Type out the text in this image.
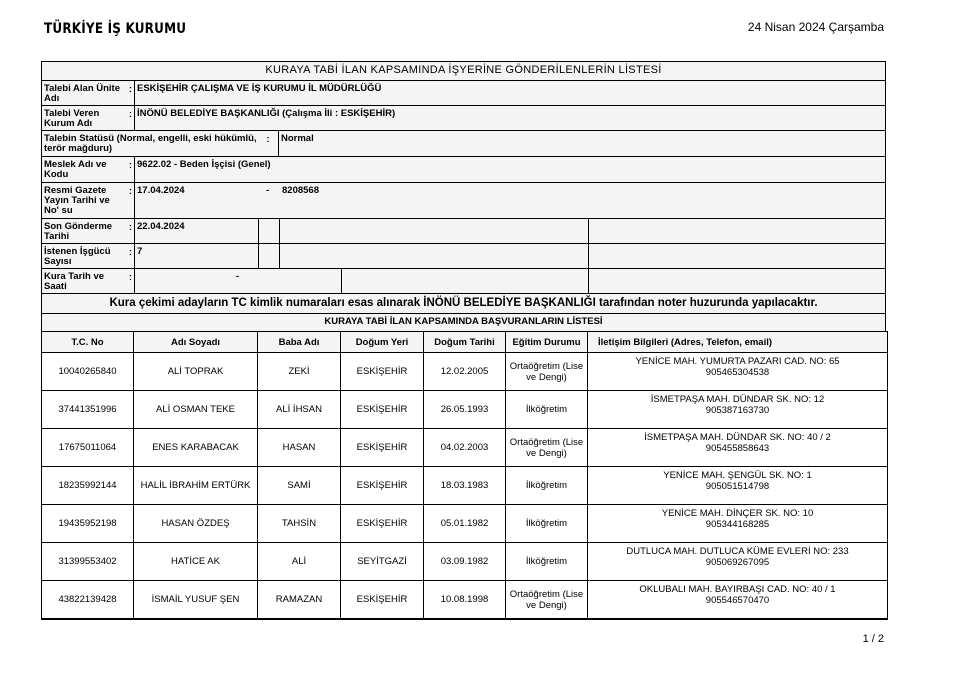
TÜRKİYE İŞ KURUMU	24 Nisan 2024 Çarşamba
KURAYA TABİ İLAN KAPSAMINDA İŞYERİNE GÖNDERİLENLERİN LİSTESİ
Talebi Alan Ünite Adı
: ESKİŞEHİR ÇALIŞMA VE İŞ KURUMU İL MÜDÜRLÜĞÜ
Talebi Veren Kurum Adı
: İNÖNÜ BELEDİYE BAŞKANLIĞI (Çalışma İli : ESKİŞEHİR)
Talebin Statüsü (Normal, engelli, eski hükümlü, terör mağduru)
:	Normal
Meslek Adı ve Kodu
: 9622.02 - Beden İşçisi (Genel)
Resmi Gazete Yayın Tarihi ve No' su
: 17.04.2024	-	8208568
Son Gönderme Tarihi
: 22.04.2024
İstenen İşgücü Sayısı
: 7
Kura Tarih ve Saati
:	-
Kura çekimi adayların TC kimlik numaraları esas alınarak İNÖNÜ BELEDİYE BAŞKANLIĞI tarafından noter huzurunda yapılacaktır.
KURAYA TABİ İLAN KAPSAMINDA BAŞVURANLARIN LİSTESİ
T.C. No	Adı Soyadı	Baba Adı	Doğum Yeri	Doğum Tarihi	Eğitim Durumu	İletişim Bilgileri (Adres, Telefon, email)
10040265840	ALİ TOPRAK	ZEKİ	ESKİŞEHİR	12.02.2005	Ortaöğretim (Lise ve Dengi)	YENİCE MAH. YUMURTA PAZARI CAD. NO: 65
905465304538

37441351996	ALİ OSMAN TEKE	ALİ İHSAN	ESKİŞEHİR	26.05.1993	İlköğretim	İSMETPAŞA MAH. DÜNDAR SK. NO: 12
905387163730

17675011064	ENES KARABACAK	HASAN	ESKİŞEHİR	04.02.2003	Ortaöğretim (Lise ve Dengi)	İSMETPAŞA MAH. DÜNDAR SK. NO: 40 / 2
905455858643

18235992144	HALİL İBRAHİM ERTÜRK	SAMİ	ESKİŞEHİR	18.03.1983	İlköğretim	YENİCE MAH. ŞENGÜL SK. NO: 1
905051514798

19435952198	HASAN ÖZDEŞ	TAHSİN	ESKİŞEHİR	05.01.1982	İlköğretim	YENİCE MAH. DİNÇER SK. NO: 10
905344168285

31399553402	HATİCE AK	ALİ	SEYİTGAZİ	03.09.1982	İlköğretim	DUTLUCA MAH. DUTLUCA KÜME EVLERİ NO: 233
905069267095

43822139428	İSMAİL YUSUF ŞEN	RAMAZAN	ESKİŞEHİR	10.08.1998	Ortaöğretim (Lise ve Dengi)	OKLUBALI MAH. BAYIRBAŞI CAD. NO: 40 / 1
905546570470
1 / 2
